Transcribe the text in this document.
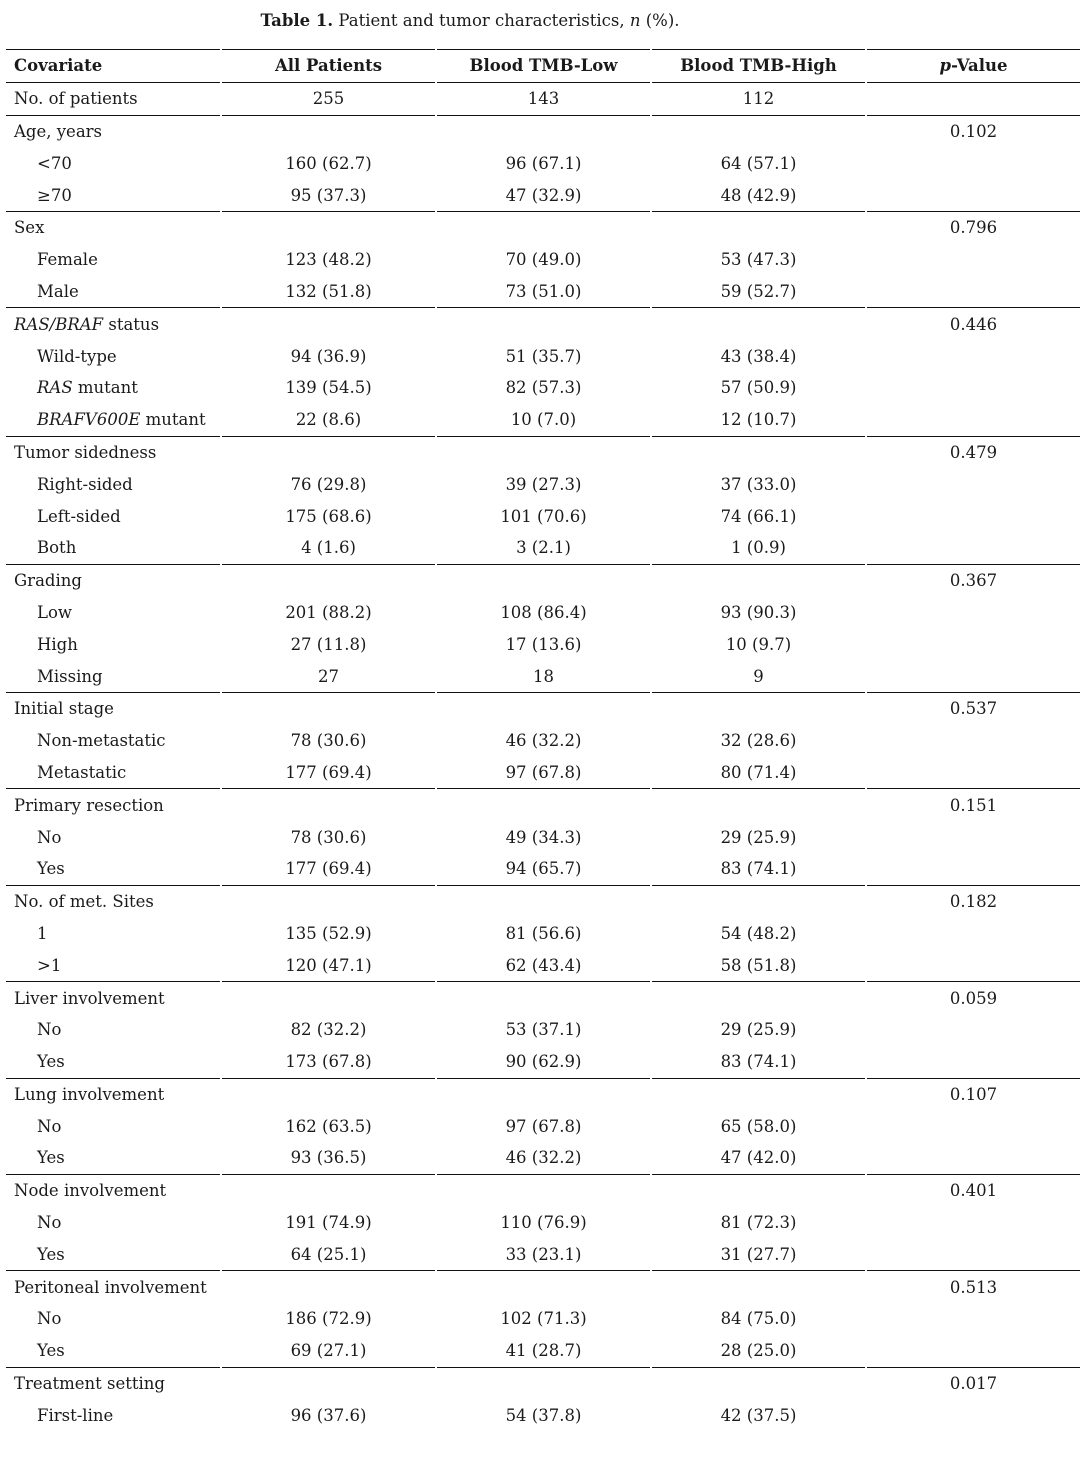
Table 1. Patient and tumor characteristics, n (%).
Covariate	All Patients	Blood TMB-Low	Blood TMB-High	p-Value
No. of patients	255	143	112	
Age, years				0.102
<70	160 (62.7)	96 (67.1)	64 (57.1)	
≥70	95 (37.3)	47 (32.9)	48 (42.9)	
Sex				0.796
Female	123 (48.2)	70 (49.0)	53 (47.3)	
Male	132 (51.8)	73 (51.0)	59 (52.7)	
RAS/BRAF status				0.446
Wild-type	94 (36.9)	51 (35.7)	43 (38.4)	
RAS mutant	139 (54.5)	82 (57.3)	57 (50.9)	
BRAFV600E mutant	22 (8.6)	10 (7.0)	12 (10.7)	
Tumor sidedness				0.479
Right-sided	76 (29.8)	39 (27.3)	37 (33.0)	
Left-sided	175 (68.6)	101 (70.6)	74 (66.1)	
Both	4 (1.6)	3 (2.1)	1 (0.9)	
Grading				0.367
Low	201 (88.2)	108 (86.4)	93 (90.3)	
High	27 (11.8)	17 (13.6)	10 (9.7)	
Missing	27	18	9	
Initial stage				0.537
Non-metastatic	78 (30.6)	46 (32.2)	32 (28.6)	
Metastatic	177 (69.4)	97 (67.8)	80 (71.4)	
Primary resection				0.151
No	78 (30.6)	49 (34.3)	29 (25.9)	
Yes	177 (69.4)	94 (65.7)	83 (74.1)	
No. of met. Sites				0.182
1	135 (52.9)	81 (56.6)	54 (48.2)	
>1	120 (47.1)	62 (43.4)	58 (51.8)	
Liver involvement				0.059
No	82 (32.2)	53 (37.1)	29 (25.9)	
Yes	173 (67.8)	90 (62.9)	83 (74.1)	
Lung involvement				0.107
No	162 (63.5)	97 (67.8)	65 (58.0)	
Yes	93 (36.5)	46 (32.2)	47 (42.0)	
Node involvement				0.401
No	191 (74.9)	110 (76.9)	81 (72.3)	
Yes	64 (25.1)	33 (23.1)	31 (27.7)	
Peritoneal involvement				0.513
No	186 (72.9)	102 (71.3)	84 (75.0)	
Yes	69 (27.1)	41 (28.7)	28 (25.0)	
Treatment setting				0.017
First-line	96 (37.6)	54 (37.8)	42 (37.5)	
